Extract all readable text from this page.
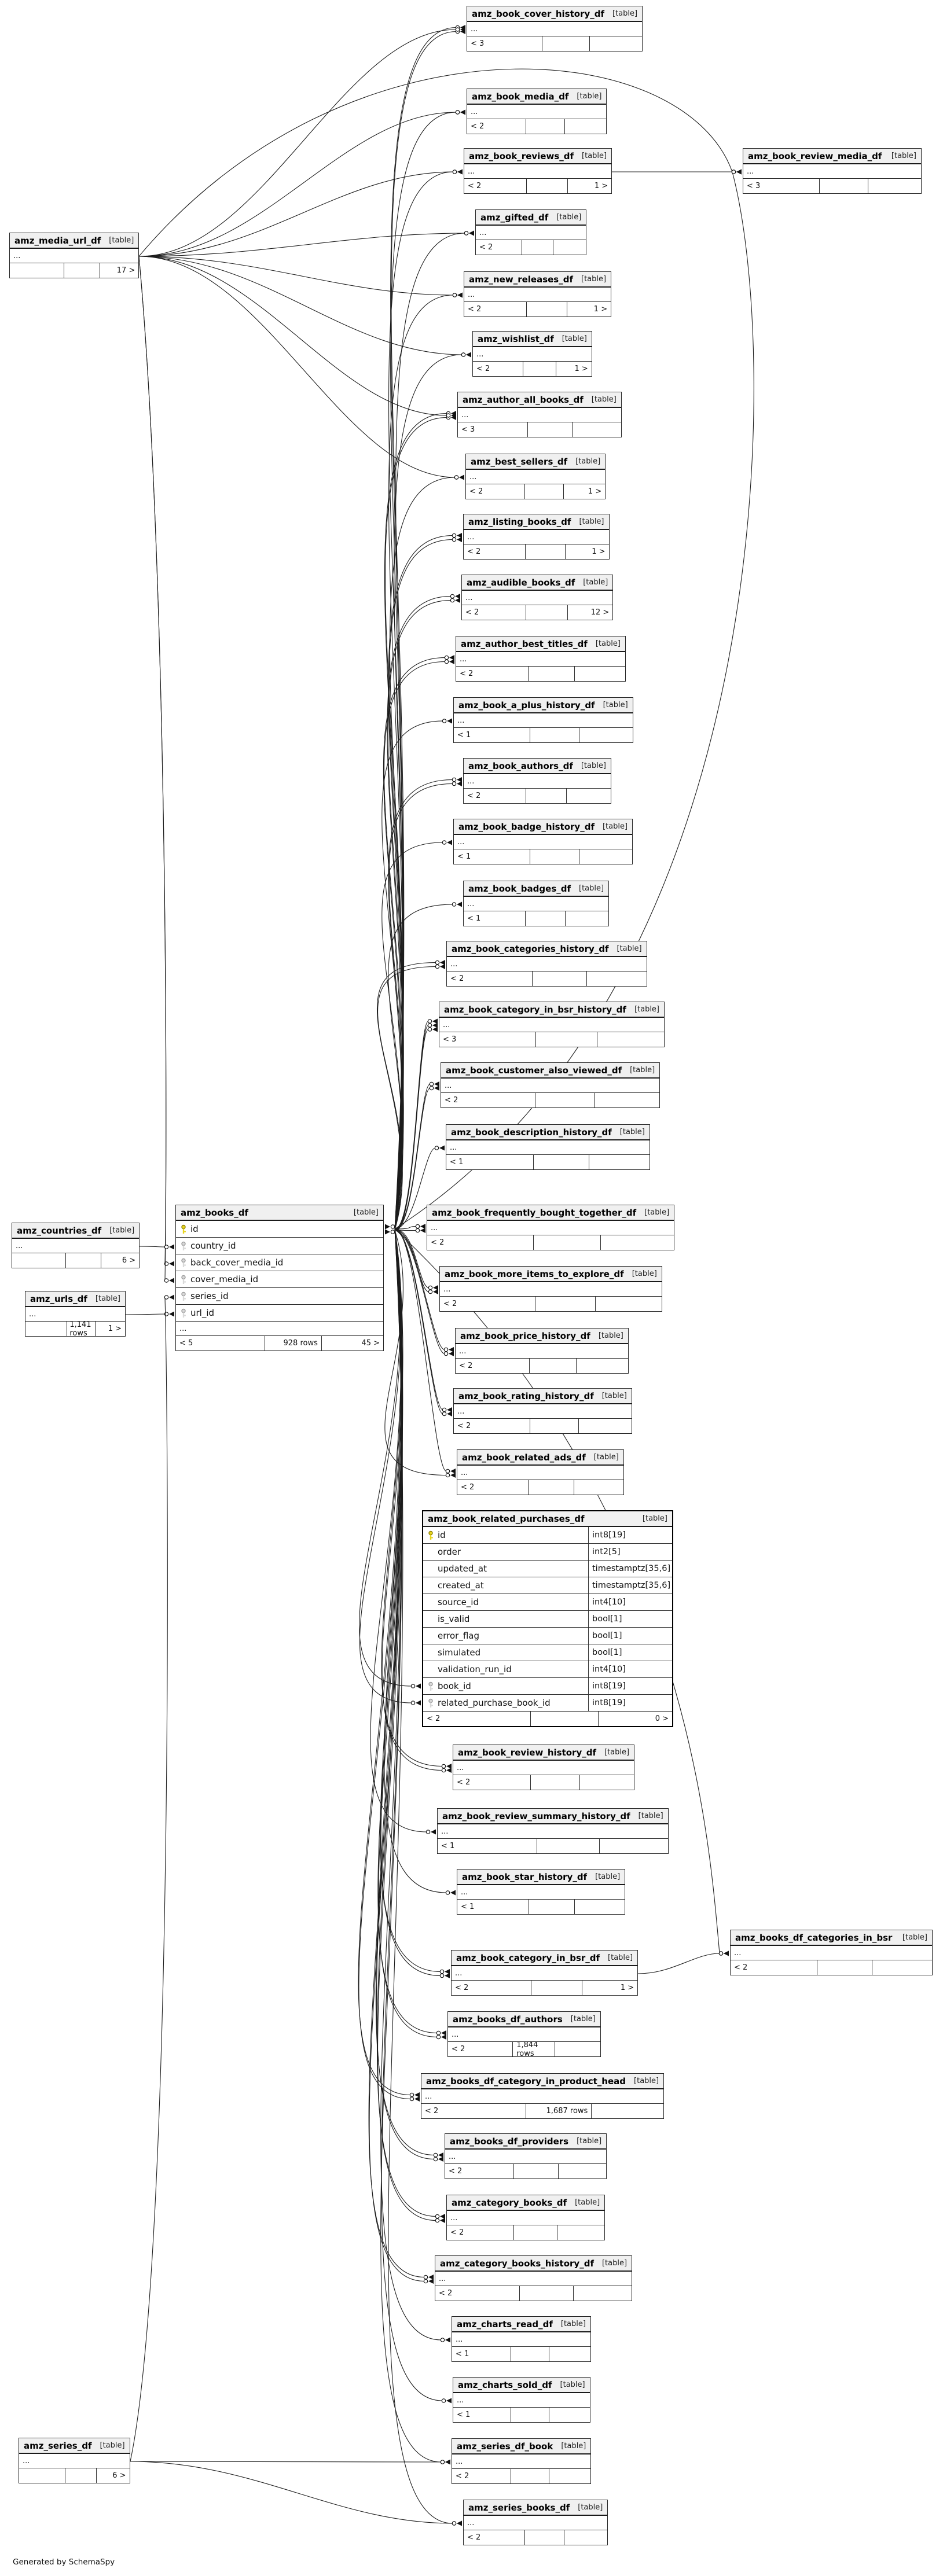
amz_media_url_df [table]
...
17 >
amz_countries_df [table]
...
6 >
amz_urls_df [table]
...
1,141 rows	1 >
amz_books_df	[table]
id
country_id
back_cover_media_id
cover_media_id
series_id
url_id
...
< 5	928 rows	45 >
amz_series_df [table]
...
6 >
amz_book_cover_history_df [table]
...
< 3
amz_book_media_df [table]
...
< 2
amz_book_reviews_df [table]
...
< 2	1 >
amz_gifted_df [table]
...
< 2
amz_new_releases_df [table]
...
< 2	1 >
amz_wishlist_df [table]
...
< 2	1 >
amz_author_all_books_df [table]
...
< 3
amz_best_sellers_df [table]
...
< 2	1 >
amz_listing_books_df [table]
...
< 2	1 >
amz_audible_books_df [table]
...
< 2	12 >
amz_author_best_titles_df [table]
...
< 2
amz_book_a_plus_history_df [table]
...
< 1
amz_book_authors_df [table]
...
< 2
amz_book_badge_history_df [table]
...
< 1
amz_book_badges_df [table]
...
< 1
amz_book_categories_history_df [table]
...
< 2
amz_book_category_in_bsr_history_df [table]
...
< 3
amz_book_customer_also_viewed_df [table]
...
< 2
amz_book_description_history_df [table]
...
< 1
amz_book_frequently_bought_together_df [table]
...
< 2
amz_book_more_items_to_explore_df [table]
...
< 2
amz_book_price_history_df [table]
...
< 2
amz_book_rating_history_df [table]
...
< 2
amz_book_related_ads_df [table]
...
< 2
amz_book_related_purchases_df	[table]
id	int8[19]
order	int2[5]
updated_at	timestamptz[35,6]
created_at	timestamptz[35,6]
source_id	int4[10]
is_valid	bool[1]
error_flag	bool[1]
simulated	bool[1]
validation_run_id	int4[10]
book_id	int8[19]
related_purchase_book_id	int8[19]
< 2	0 >
amz_book_review_history_df [table]
...
< 2
amz_book_review_summary_history_df [table]
...
< 1
amz_book_star_history_df [table]
...
< 1
amz_book_category_in_bsr_df [table]
...
< 2	1 >
amz_books_df_authors [table]
...
< 2	1,844 rows
amz_books_df_category_in_product_head [table]
...
< 2	1,687 rows
amz_books_df_providers [table]
...
< 2
amz_category_books_df [table]
...
< 2
amz_category_books_history_df [table]
...
< 2
amz_charts_read_df [table]
...
< 1
amz_charts_sold_df [table]
...
< 1
amz_series_df_book [table]
...
< 2
amz_series_books_df [table]
...
< 2
amz_book_review_media_df [table]
...
< 3
amz_books_df_categories_in_bsr [table]
...
< 2
Generated by SchemaSpy
